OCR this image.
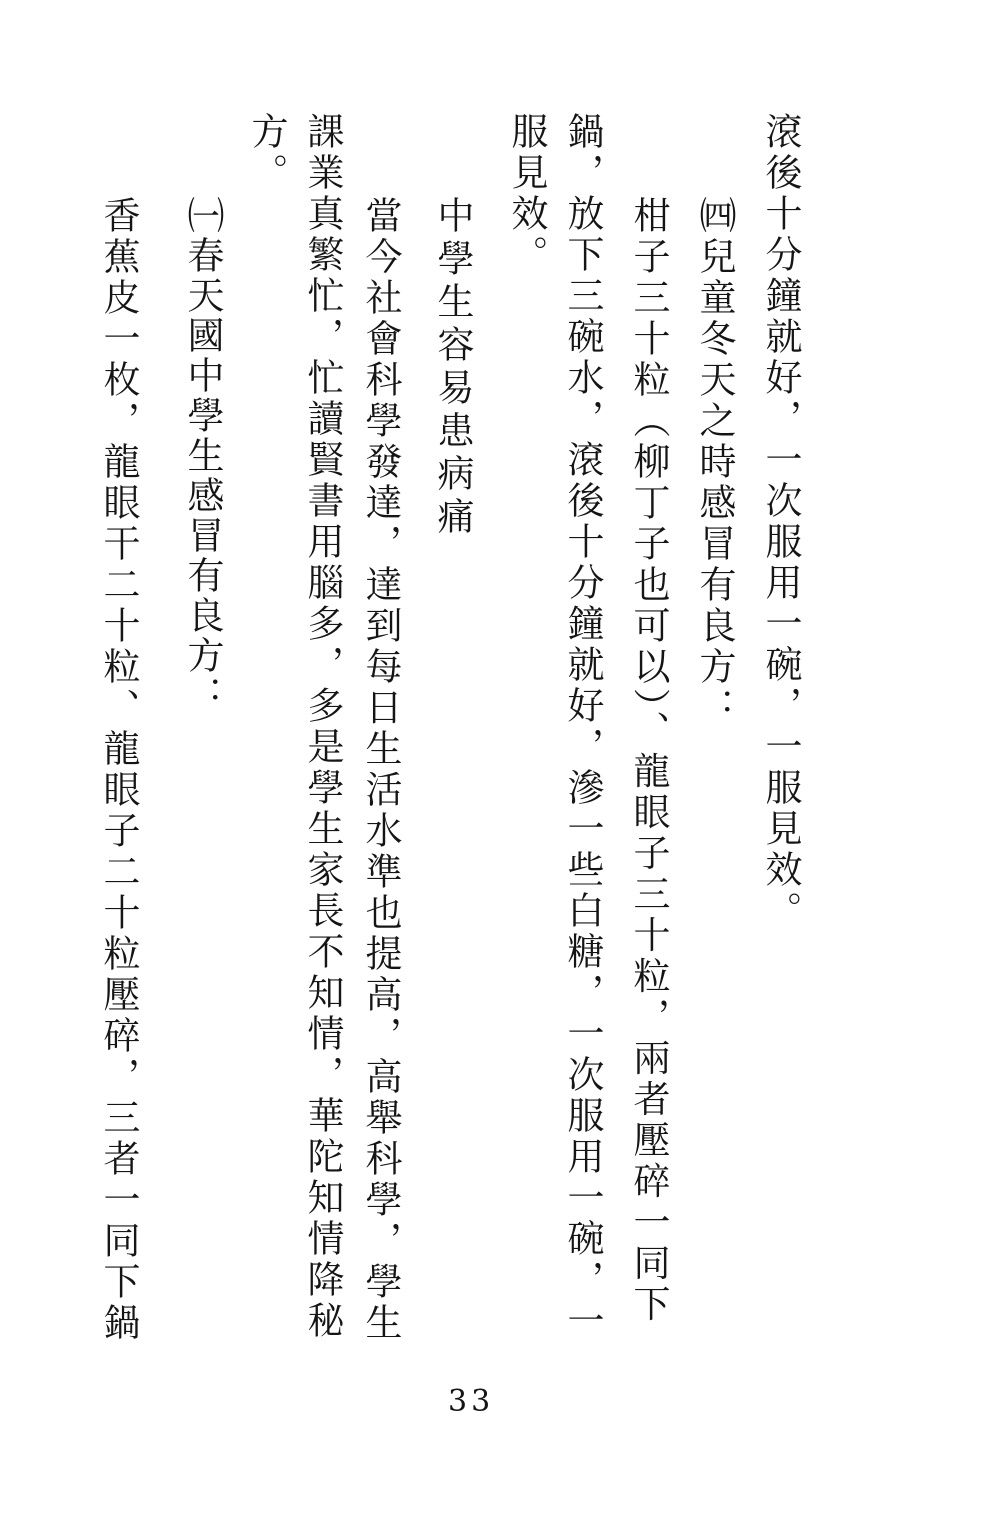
滾後十分鐘就好，一次服用一碗，一服見效。
㈣兒童冬天之時感冒有良方：
柑子三十粒（柳丁子也可以）、龍眼子三十粒，兩者壓碎一同下
鍋，放下三碗水，滾後十分鐘就好，滲一些白糖，一次服用一碗，一
服見效。
中學生容易患病痛
當今社會科學發達，達到每日生活水準也提高，高舉科學，學生
課業真繁忙，忙讀賢書用腦多，多是學生家長不知情，華陀知情降秘
方。
㈠春天國中學生感冒有良方：
香蕉皮一枚，龍眼干二十粒、龍眼子二十粒壓碎，三者一同下鍋
33
